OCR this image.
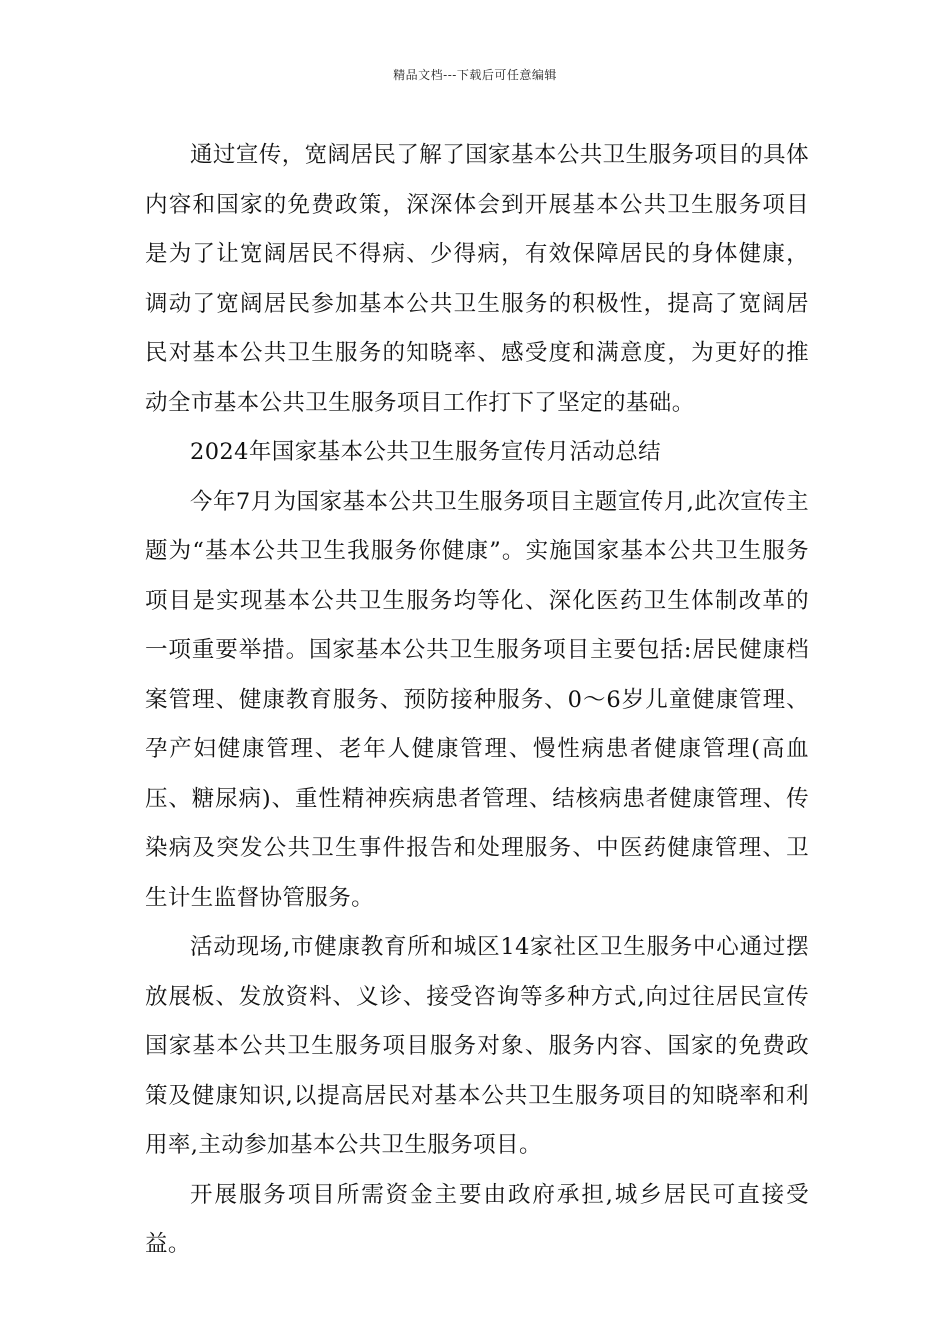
精品文档---下载后可任意编辑

通过宣传，宽阔居民了解了国家基本公共卫生服务项目的具体内容和国家的免费政策，深深体会到开展基本公共卫生服务项目是为了让宽阔居民不得病、少得病，有效保障居民的身体健康，调动了宽阔居民参加基本公共卫生服务的积极性，提高了宽阔居民对基本公共卫生服务的知晓率、感受度和满意度，为更好的推动全市基本公共卫生服务项目工作打下了坚定的基础。

2024年国家基本公共卫生服务宣传月活动总结

今年7月为国家基本公共卫生服务项目主题宣传月,此次宣传主题为“基本公共卫生我服务你健康”。实施国家基本公共卫生服务项目是实现基本公共卫生服务均等化、深化医药卫生体制改革的一项重要举措。国家基本公共卫生服务项目主要包括:居民健康档案管理、健康教育服务、预防接种服务、0～6岁儿童健康管理、孕产妇健康管理、老年人健康管理、慢性病患者健康管理(高血压、糖尿病)、重性精神疾病患者管理、结核病患者健康管理、传染病及突发公共卫生事件报告和处理服务、中医药健康管理、卫生计生监督协管服务。

活动现场,市健康教育所和城区14家社区卫生服务中心通过摆放展板、发放资料、义诊、接受咨询等多种方式,向过往居民宣传国家基本公共卫生服务项目服务对象、服务内容、国家的免费政策及健康知识,以提高居民对基本公共卫生服务项目的知晓率和利用率,主动参加基本公共卫生服务项目。

开展服务项目所需资金主要由政府承担,城乡居民可直接受益。
